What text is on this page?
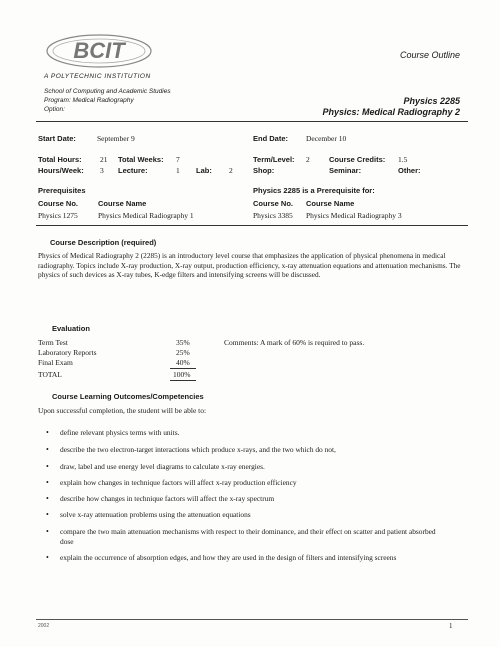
BCIT
A POLYTECHNIC INSTITUTION
School of Computing and Academic Studies
Program: Medical Radiography
Option:
Course Outline
Physics 2285
Physics: Medical Radiography 2
Start Date:	September 9	End Date: December 10
Total Hours: 21 Total Weeks: 7	Term/Level: 2	Course Credits: 1.5
Hours/Week: 3 Lecture:	1 Lab: 2	Shop:	Seminar:	Other:
Prerequisites	Physics 2285 is a Prerequisite for:
Course No.	Course Name	Course No. Course Name
Physics 1275	Physics Medical Radiography 1	Physics 3385 Physics Medical Radiography 3
Course Description (required)
Physics of Medical Radiography 2 (2285) is an introductory level course that emphasizes the application of physical phenomena in medical radiography. Topics include X-ray production, X-ray output, production efficiency, x-ray attenuation equations and attenuation mechanisms. The physics of such devices as X-ray tubes, K-edge filters and intensifying screens will be discussed.
Evaluation
Term Test	35%
Laboratory Reports	25%
Final Exam	40%
TOTAL	100%
Comments: A mark of 60% is required to pass.
Course Learning Outcomes/Competencies
Upon successful completion, the student will be able to:
• define relevant physics terms with units.
• describe the two electron-target interactions which produce x-rays, and the two which do not,
• draw, label and use energy level diagrams to calculate x-ray energies.
• explain how changes in technique factors will affect x-ray production efficiency
• describe how changes in technique factors will affect the x-ray spectrum
• solve x-ray attenuation problems using the attenuation equations
• compare the two main attenuation mechanisms with respect to their dominance, and their effect on scatter and patient absorbed dose
• explain the occurrence of absorption edges, and how they are used in the design of filters and intensifying screens
2002	1
